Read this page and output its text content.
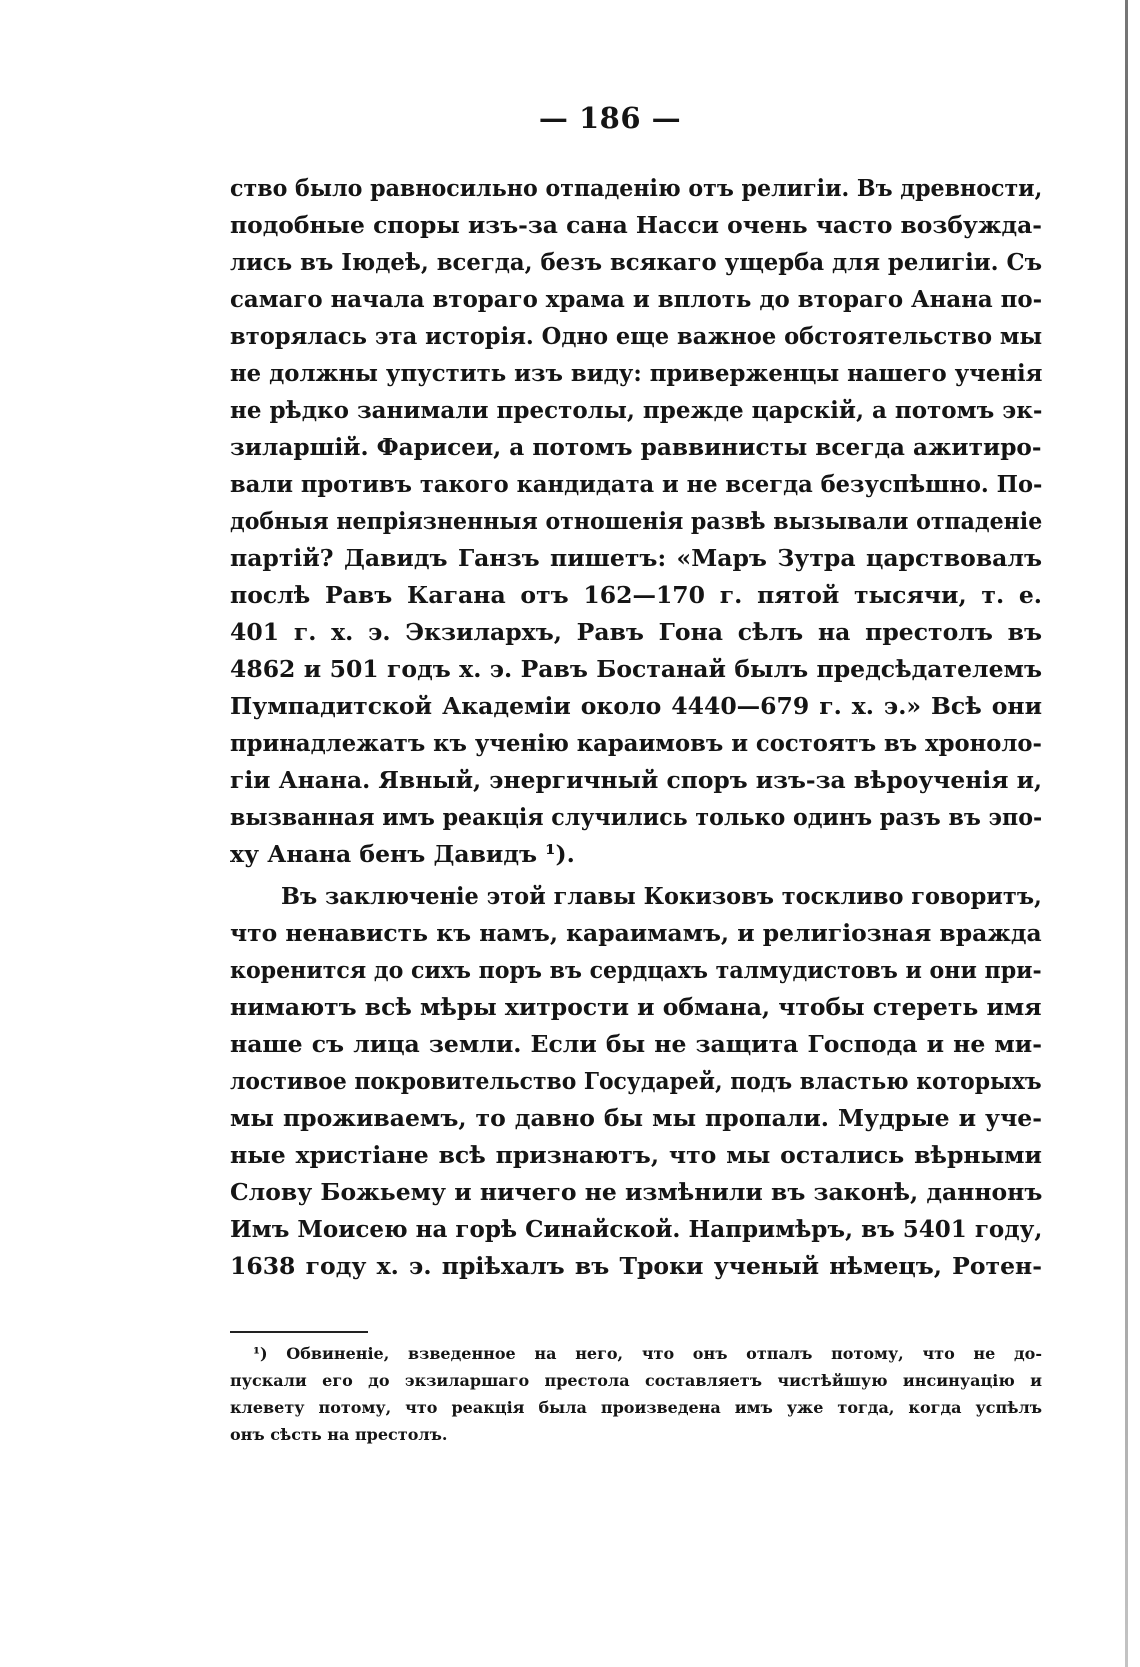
— 186 —
ство было равносильно отпаденію отъ религіи. Въ древности,
подобные споры изъ-за сана Насси очень часто возбужда-
лись въ Іюдеѣ, всегда, безъ всякаго ущерба для религіи. Съ
самаго начала втораго храма и вплоть до втораго Анана по-
вторялась эта исторія. Одно еще важное обстоятельство мы
не должны упустить изъ виду: приверженцы нашего ученія
не рѣдко занимали престолы, прежде царскій, а потомъ эк-
зиларшій. Фарисеи, а потомъ раввинисты всегда ажитиро-
вали противъ такого кандидата и не всегда безуспѣшно. По-
добныя непріязненныя отношенія развѣ вызывали отпаденіе
партій? Давидъ Ганзъ пишетъ: «Маръ Зутра царствовалъ
послѣ Равъ Кагана отъ 162—170 г. пятой тысячи, т. е.
401 г. х. э. Экзилархъ, Равъ Гона сѣлъ на престолъ въ
4862 и 501 годъ х. э. Равъ Бостанай былъ предсѣдателемъ
Пумпадитской Академіи около 4440—679 г. х. э.» Всѣ они
принадлежатъ къ ученію караимовъ и состоятъ въ хроноло-
гіи Анана. Явный, энергичный споръ изъ-за вѣроученія и,
вызванная имъ реакція случились только одинъ разъ въ эпо-
ху Анана бенъ Давидъ ¹).
Въ заключеніе этой главы Кокизовъ тоскливо говоритъ,
что ненависть къ намъ, караимамъ, и религіозная вражда
коренится до сихъ поръ въ сердцахъ талмудистовъ и они при-
нимаютъ всѣ мѣры хитрости и обмана, чтобы стереть имя
наше съ лица земли. Если бы не защита Господа и не ми-
лостивое покровительство Государей, подъ властью которыхъ
мы проживаемъ, то давно бы мы пропали. Мудрые и уче-
ные христіане всѣ признаютъ, что мы остались вѣрными
Слову Божьему и ничего не измѣнили въ законѣ, даннонъ
Имъ Моисею на горѣ Синайской. Напримѣръ, въ 5401 году,
1638 году х. э. пріѣхалъ въ Троки ученый нѣмецъ, Ротен-
¹) Обвиненіе, взведенное на него, что онъ отпалъ потому, что не до-
пускали его до экзиларшаго престола составляетъ чистѣйшую инсинуацію и
клевету потому, что реакція была произведена имъ уже тогда, когда успѣлъ
онъ сѣсть на престолъ.
